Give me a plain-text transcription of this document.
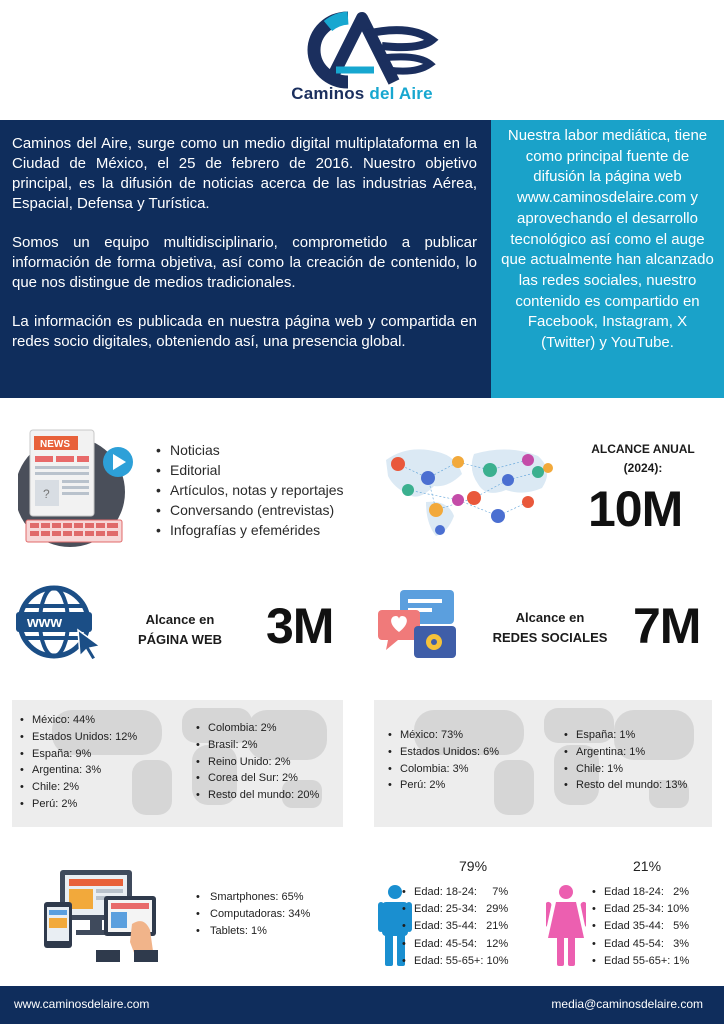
Caminos del Aire

Caminos del Aire, surge como un medio digital multiplataforma en la Ciudad de México, el 25 de febrero de 2016. Nuestro objetivo principal, es la difusión de noticias acerca de las industrias Aérea, Espacial, Defensa y Turística.

Somos un equipo multidisciplinario, comprometido a publicar información de forma objetiva, así como la creación de contenido, lo que nos distingue de medios tradicionales.

La información es publicada en nuestra página web y compartida en redes socio digitales, obteniendo así, una presencia global.

Nuestra labor mediática, tiene como principal fuente de difusión la página web www.caminosdelaire.com y aprovechando el desarrollo tecnológico así como el auge que actualmente han alcanzado las redes sociales, nuestro contenido es compartido en Facebook, Instagram, X (Twitter) y YouTube.
NEWS
?
• Noticias
• Editorial
• Artículos, notas y reportajes
• Conversando (entrevistas)
• Infografías y efemérides
ALCANCE ANUAL
(2024):
10M
www	Alcance en
PÁGINA WEB 3M	Alcance en
REDES SOCIALES 7M
• México: 44%
• Estados Unidos: 12%
• España: 9%
• Argentina: 3%
• Chile: 2%
• Perú: 2%
• Colombia: 2%
• Brasil: 2%
• Reino Unido: 2%
• Corea del Sur: 2%
• Resto del mundo: 20%
• México: 73%
• Estados Unidos: 6%
• Colombia: 3%
• Perú: 2%
• España: 1%
• Argentina: 1%
• Chile: 1%
• Resto del mundo: 13%
• Smartphones: 65%
• Computadoras: 34%
• Tablets: 1%
79%	21%
• Edad: 18-24:     7%
• Edad: 25-34:   29%
• Edad: 35-44:   21%
• Edad: 45-54:   12%
• Edad: 55-65+: 10%
• Edad 18-24:   2%
• Edad 25-34: 10%
• Edad 35-44:   5%
• Edad 45-54:   3%
• Edad 55-65+: 1%
www.caminosdelaire.com	media@caminosdelaire.com
